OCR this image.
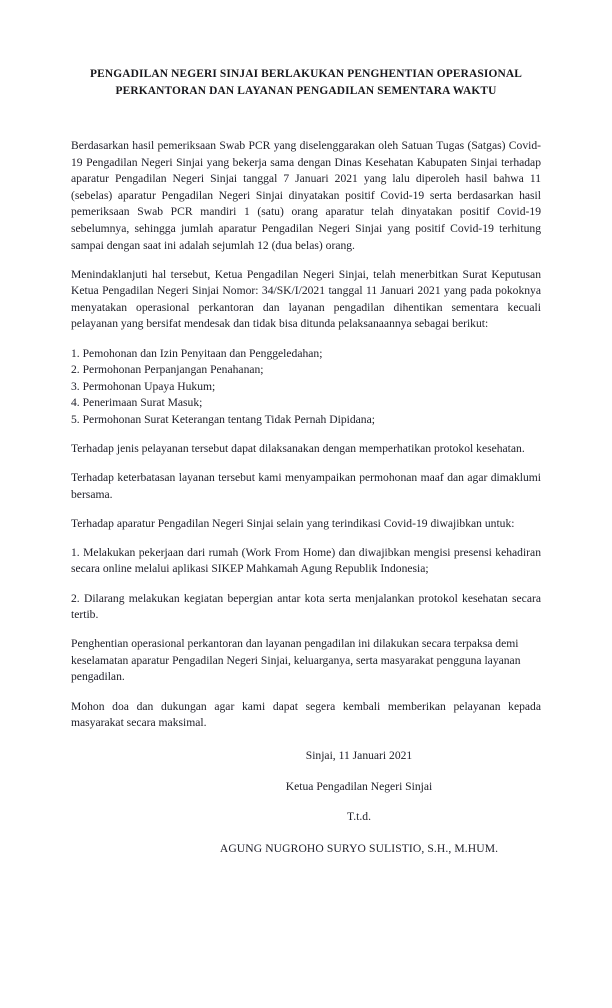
PENGADILAN NEGERI SINJAI BERLAKUKAN PENGHENTIAN OPERASIONAL
PERKANTORAN DAN LAYANAN PENGADILAN SEMENTARA WAKTU

Berdasarkan hasil pemeriksaan Swab PCR yang diselenggarakan oleh Satuan Tugas (Satgas) Covid-19 Pengadilan Negeri Sinjai yang bekerja sama dengan Dinas Kesehatan Kabupaten Sinjai terhadap aparatur Pengadilan Negeri Sinjai tanggal 7 Januari 2021 yang lalu diperoleh hasil bahwa 11 (sebelas) aparatur Pengadilan Negeri Sinjai dinyatakan positif Covid-19 serta berdasarkan hasil pemeriksaan Swab PCR mandiri 1 (satu) orang aparatur telah dinyatakan positif Covid-19 sebelumnya, sehingga jumlah aparatur Pengadilan Negeri Sinjai yang positif Covid-19 terhitung sampai dengan saat ini adalah sejumlah 12 (dua belas) orang.

Menindaklanjuti hal tersebut, Ketua Pengadilan Negeri Sinjai, telah menerbitkan Surat Keputusan Ketua Pengadilan Negeri Sinjai Nomor: 34/SK/I/2021 tanggal 11 Januari 2021 yang pada pokoknya menyatakan operasional perkantoran dan layanan pengadilan dihentikan sementara kecuali pelayanan yang bersifat mendesak dan tidak bisa ditunda pelaksanaannya sebagai berikut:

1. Pemohonan dan Izin Penyitaan dan Penggeledahan;
2. Permohonan Perpanjangan Penahanan;
3. Permohonan Upaya Hukum;
4. Penerimaan Surat Masuk;
5. Permohonan Surat Keterangan tentang Tidak Pernah Dipidana;

Terhadap jenis pelayanan tersebut dapat dilaksanakan dengan memperhatikan protokol kesehatan.

Terhadap keterbatasan layanan tersebut kami menyampaikan permohonan maaf dan agar dimaklumi bersama.

Terhadap aparatur Pengadilan Negeri Sinjai selain yang terindikasi Covid-19 diwajibkan untuk:

1. Melakukan pekerjaan dari rumah (Work From Home) dan diwajibkan mengisi presensi kehadiran secara online melalui aplikasi SIKEP Mahkamah Agung Republik Indonesia;
2. Dilarang melakukan kegiatan bepergian antar kota serta menjalankan protokol kesehatan secara tertib.

Penghentian operasional perkantoran dan layanan pengadilan ini dilakukan secara terpaksa demi keselamatan aparatur Pengadilan Negeri Sinjai, keluarganya, serta masyarakat pengguna layanan pengadilan.

Mohon doa dan dukungan agar kami dapat segera kembali memberikan pelayanan kepada masyarakat secara maksimal.

Sinjai, 11 Januari 2021
Ketua Pengadilan Negeri Sinjai
T.t.d.
AGUNG NUGROHO SURYO SULISTIO, S.H., M.HUM.
